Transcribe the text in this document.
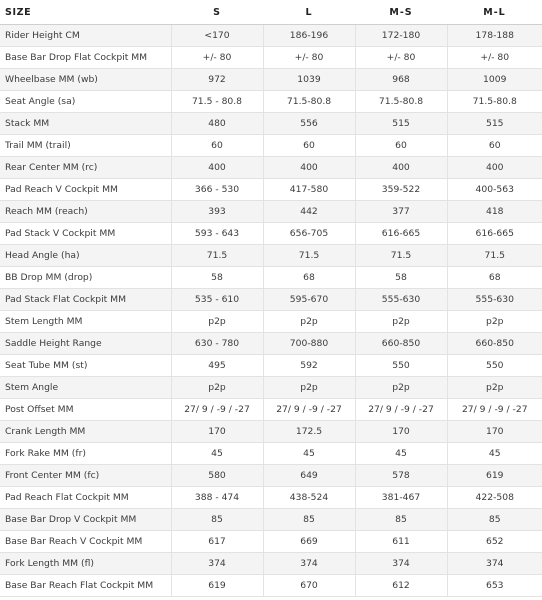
SIZE	S	L	M-S	M-L
Rider Height CM	<170	186-196	172-180	178-188
Base Bar Drop Flat Cockpit MM	+/- 80	+/- 80	+/- 80	+/- 80
Wheelbase MM (wb)	972	1039	968	1009
Seat Angle (sa)	71.5 - 80.8	71.5-80.8	71.5-80.8	71.5-80.8
Stack MM	480	556	515	515
Trail MM (trail)	60	60	60	60
Rear Center MM (rc)	400	400	400	400
Pad Reach V Cockpit MM	366 - 530	417-580	359-522	400-563
Reach MM (reach)	393	442	377	418
Pad Stack V Cockpit MM	593 - 643	656-705	616-665	616-665
Head Angle (ha)	71.5	71.5	71.5	71.5
BB Drop MM (drop)	58	68	58	68
Pad Stack Flat Cockpit MM	535 - 610	595-670	555-630	555-630
Stem Length MM	p2p	p2p	p2p	p2p
Saddle Height Range	630 - 780	700-880	660-850	660-850
Seat Tube MM (st)	495	592	550	550
Stem Angle	p2p	p2p	p2p	p2p
Post Offset MM	27/ 9 / -9 / -27	27/ 9 / -9 / -27	27/ 9 / -9 / -27	27/ 9 / -9 / -27
Crank Length MM	170	172.5	170	170
Fork Rake MM (fr)	45	45	45	45
Front Center MM (fc)	580	649	578	619
Pad Reach Flat Cockpit MM	388 - 474	438-524	381-467	422-508
Base Bar Drop V Cockpit MM	85	85	85	85
Base Bar Reach V Cockpit MM	617	669	611	652
Fork Length MM (fl)	374	374	374	374
Base Bar Reach Flat Cockpit MM	619	670	612	653
